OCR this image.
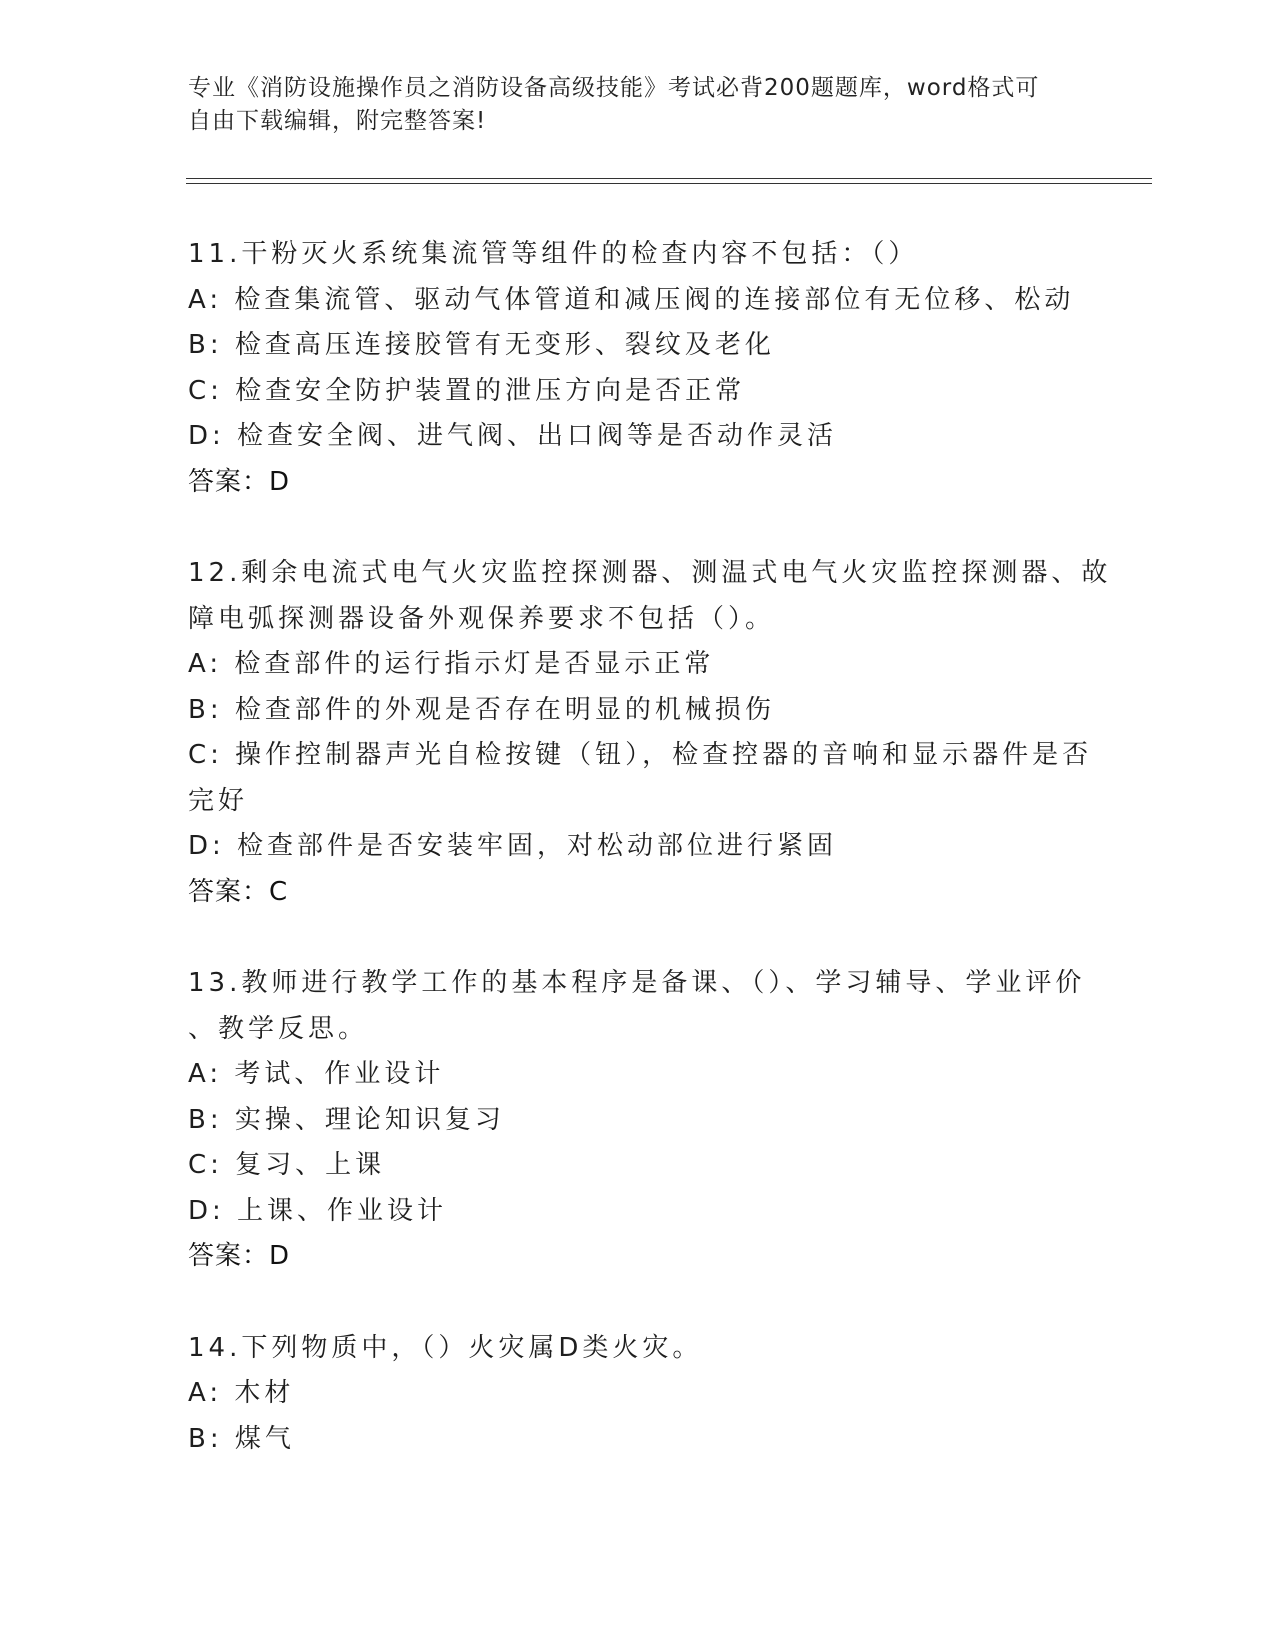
专业《消防设施操作员之消防设备高级技能》考试必背200题题库，word格式可
自由下载编辑，附完整答案!
11.干粉灭火系统集流管等组件的检查内容不包括：（）
A: 检查集流管、驱动气体管道和减压阀的连接部位有无位移、松动
B: 检查高压连接胶管有无变形、裂纹及老化
C: 检查安全防护装置的泄压方向是否正常
D: 检查安全阀、进气阀、出口阀等是否动作灵活
答案：D
12.剩余电流式电气火灾监控探测器、测温式电气火灾监控探测器、故
障电弧探测器设备外观保养要求不包括（）。
A: 检查部件的运行指示灯是否显示正常
B: 检查部件的外观是否存在明显的机械损伤
C: 操作控制器声光自检按键（钮），检查控器的音响和显示器件是否
完好
D: 检查部件是否安装牢固，对松动部位进行紧固
答案：C
13.教师进行教学工作的基本程序是备课、（）、学习辅导、学业评价
、教学反思。
A: 考试、作业设计
B: 实操、理论知识复习
C: 复习、上课
D: 上课、作业设计
答案：D
14.下列物质中，（）火灾属D类火灾。
A: 木材
B: 煤气
